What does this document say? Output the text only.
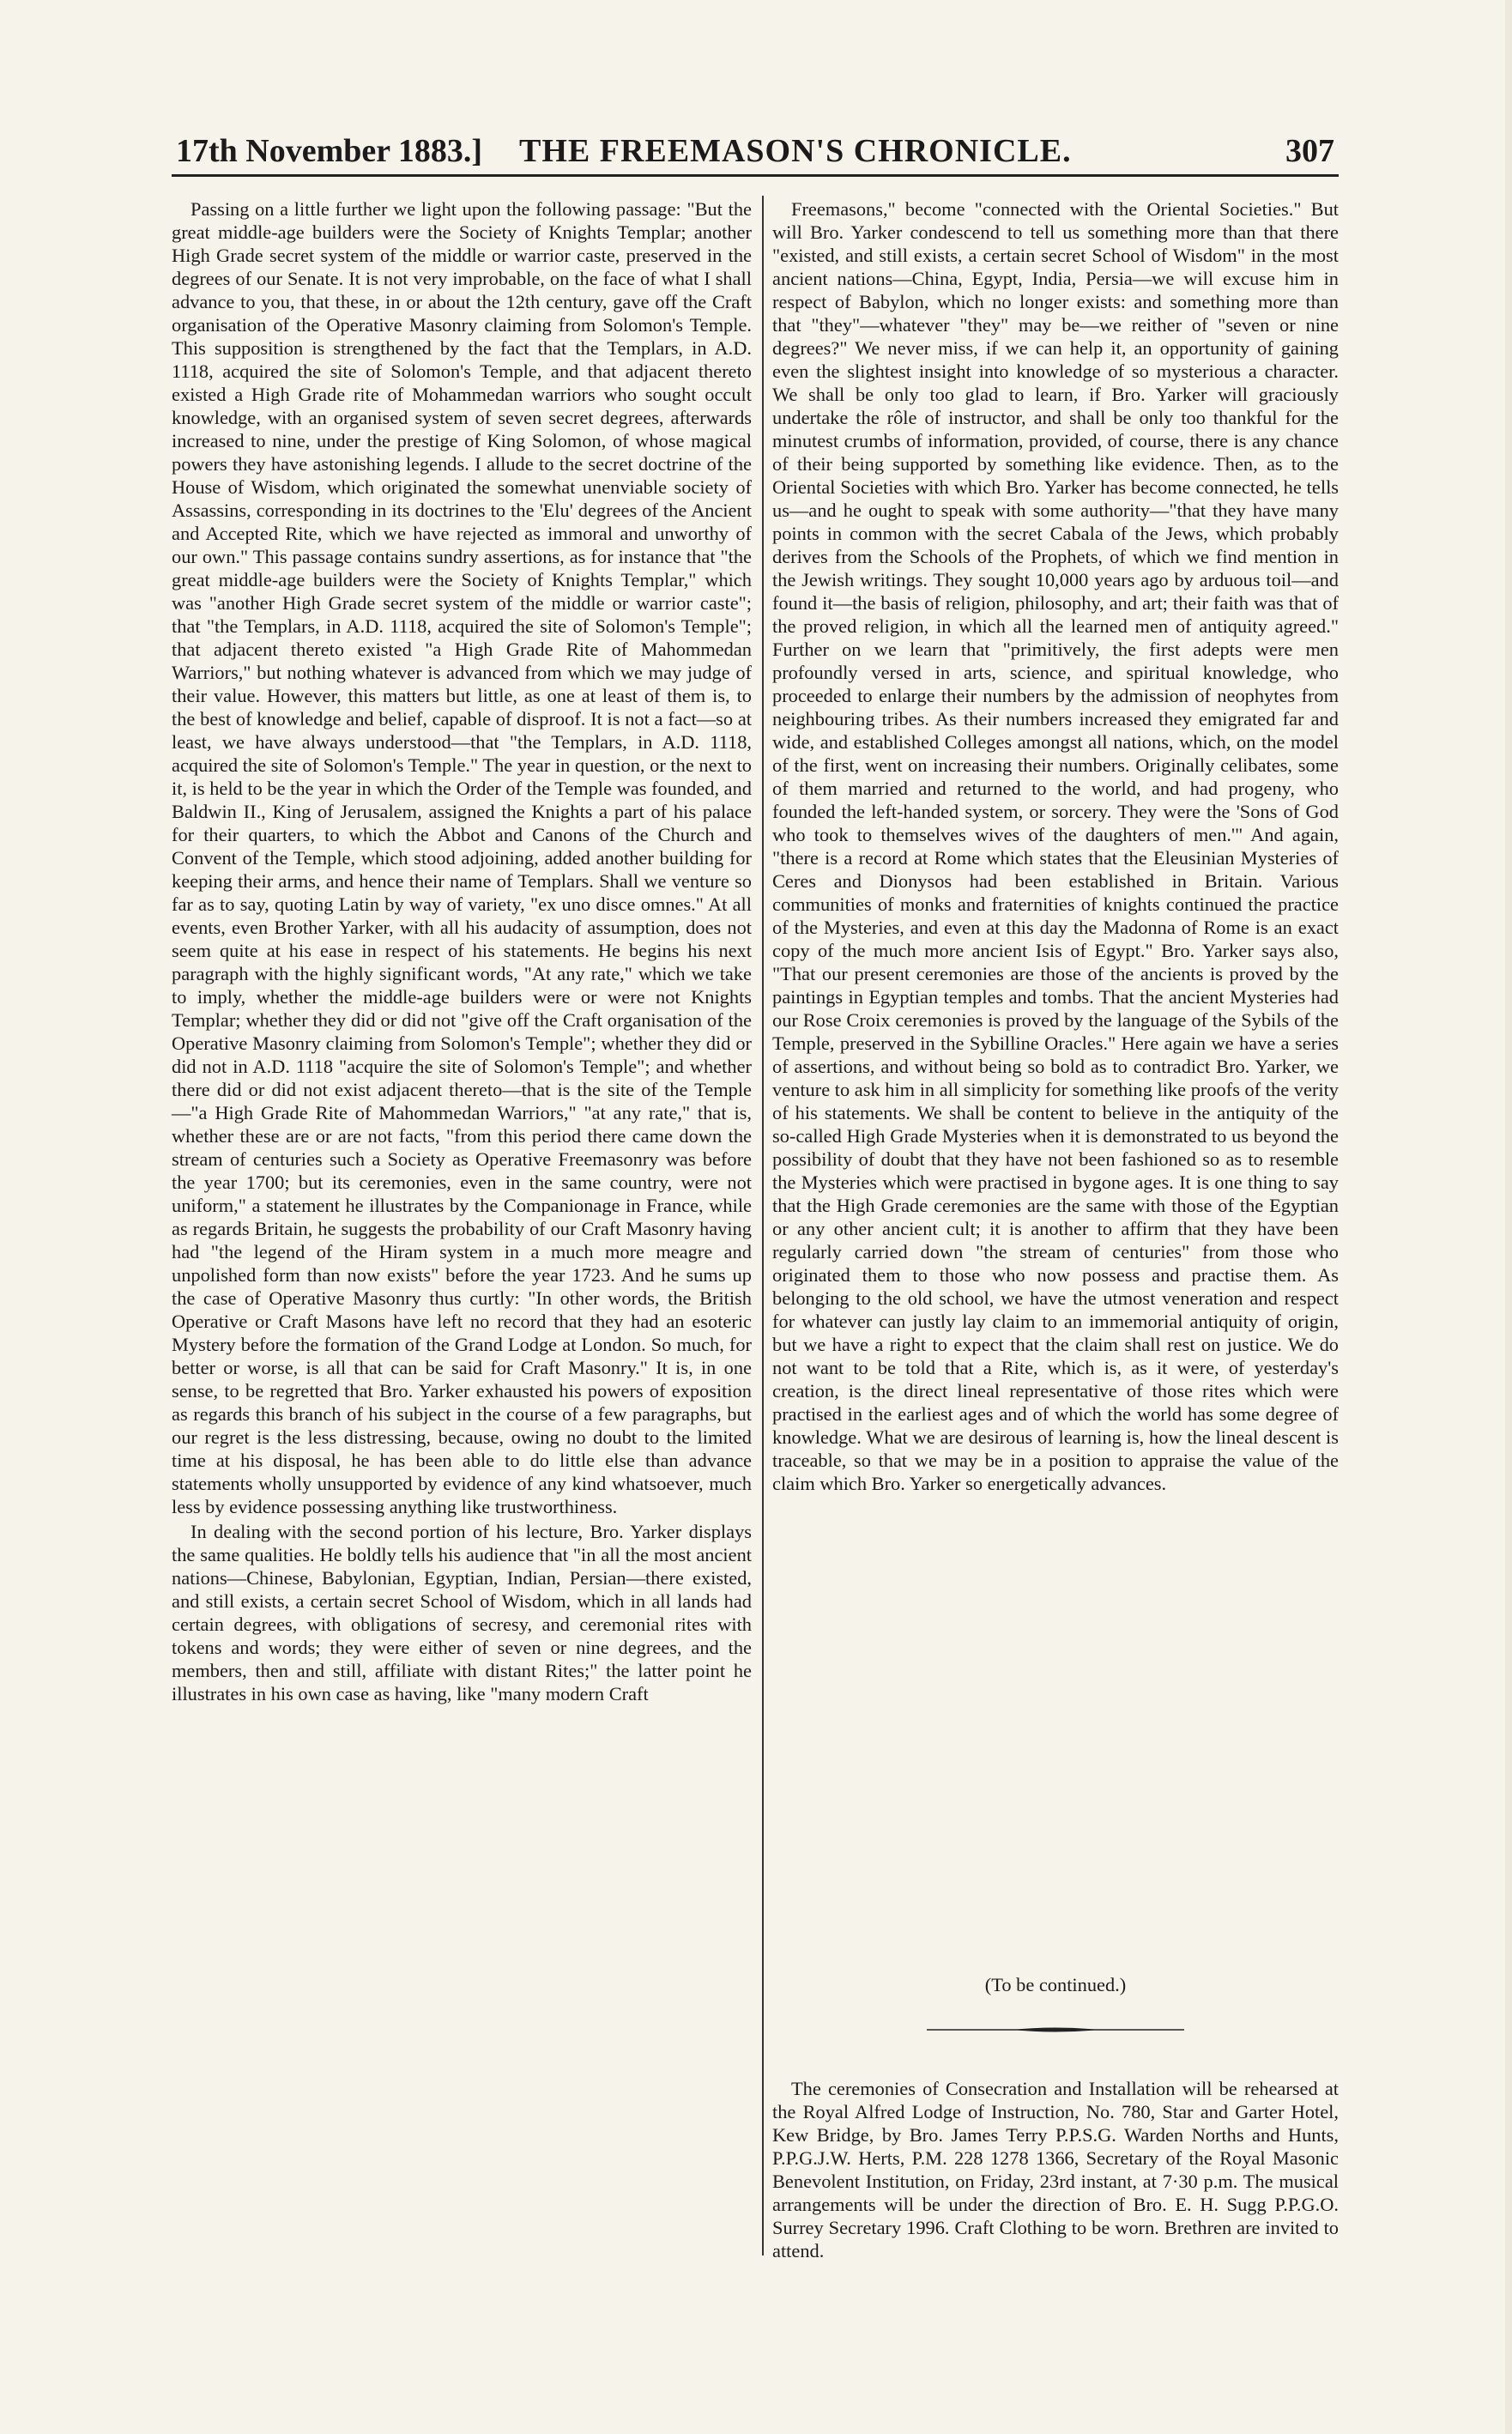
17th November 1883.] THE FREEMASON'S CHRONICLE.	307

Passing on a little further we light upon the following passage: "But the great middle-age builders were the Society of Knights Templar; another High Grade secret system of the middle or warrior caste, preserved in the degrees of our Senate. It is not very improbable, on the face of what I shall advance to you, that these, in or about the 12th century, gave off the Craft organisation of the Operative Masonry claiming from Solomon's Temple. This supposition is strengthened by the fact that the Templars, in A.D. 1118, acquired the site of Solomon's Temple, and that adjacent thereto existed a High Grade rite of Mohammedan warriors who sought occult knowledge, with an organised system of seven secret degrees, afterwards increased to nine, under the prestige of King Solomon, of whose magical powers they have astonishing legends. I allude to the secret doctrine of the House of Wisdom, which originated the somewhat unenviable society of Assassins, corresponding in its doctrines to the 'Elu' degrees of the Ancient and Accepted Rite, which we have rejected as immoral and unworthy of our own." This passage contains sundry assertions, as for instance that "the great middle-age builders were the Society of Knights Templar," which was "another High Grade secret system of the middle or warrior caste"; that "the Templars, in A.D. 1118, acquired the site of Solomon's Temple"; that adjacent thereto existed "a High Grade Rite of Mahommedan Warriors," but nothing whatever is advanced from which we may judge of their value. However, this matters but little, as one at least of them is, to the best of knowledge and belief, capable of disproof. It is not a fact—so at least, we have always understood—that "the Templars, in A.D. 1118, acquired the site of Solomon's Temple." The year in question, or the next to it, is held to be the year in which the Order of the Temple was founded, and Baldwin II., King of Jerusalem, assigned the Knights a part of his palace for their quarters, to which the Abbot and Canons of the Church and Convent of the Temple, which stood adjoining, added another building for keeping their arms, and hence their name of Templars. Shall we venture so far as to say, quoting Latin by way of variety, "ex uno disce omnes." At all events, even Brother Yarker, with all his audacity of assumption, does not seem quite at his ease in respect of his statements. He begins his next paragraph with the highly significant words, "At any rate," which we take to imply, whether the middle-age builders were or were not Knights Templar; whether they did or did not "give off the Craft organisation of the Operative Masonry claiming from Solomon's Temple"; whether they did or did not in A.D. 1118 "acquire the site of Solomon's Temple"; and whether there did or did not exist adjacent thereto—that is the site of the Temple—"a High Grade Rite of Mahommedan Warriors," "at any rate," that is, whether these are or are not facts, "from this period there came down the stream of centuries such a Society as Operative Freemasonry was before the year 1700; but its ceremonies, even in the same country, were not uniform," a statement he illustrates by the Companionage in France, while as regards Britain, he suggests the probability of our Craft Masonry having had "the legend of the Hiram system in a much more meagre and unpolished form than now exists" before the year 1723. And he sums up the case of Operative Masonry thus curtly: "In other words, the British Operative or Craft Masons have left no record that they had an esoteric Mystery before the formation of the Grand Lodge at London. So much, for better or worse, is all that can be said for Craft Masonry." It is, in one sense, to be regretted that Bro. Yarker exhausted his powers of exposition as regards this branch of his subject in the course of a few paragraphs, but our regret is the less distressing, because, owing no doubt to the limited time at his disposal, he has been able to do little else than advance statements wholly unsupported by evidence of any kind whatsoever, much less by evidence possessing anything like trustworthiness.

In dealing with the second portion of his lecture, Bro. Yarker displays the same qualities. He boldly tells his audience that "in all the most ancient nations—Chinese, Babylonian, Egyptian, Indian, Persian—there existed, and still exists, a certain secret School of Wisdom, which in all lands had certain degrees, with obligations of secresy, and ceremonial rites with tokens and words; they were either of seven or nine degrees, and the members, then and still, affiliate with distant Rites;" the latter point he illustrates in his own case as having, like "many modern Craft

Freemasons," become "connected with the Oriental Societies." But will Bro. Yarker condescend to tell us something more than that there "existed, and still exists, a certain secret School of Wisdom" in the most ancient nations—China, Egypt, India, Persia—we will excuse him in respect of Babylon, which no longer exists: and something more than that "they"—whatever "they" may be—we reither of "seven or nine degrees?" We never miss, if we can help it, an opportunity of gaining even the slightest insight into knowledge of so mysterious a character. We shall be only too glad to learn, if Bro. Yarker will graciously undertake the rôle of instructor, and shall be only too thankful for the minutest crumbs of information, provided, of course, there is any chance of their being supported by something like evidence. Then, as to the Oriental Societies with which Bro. Yarker has become connected, he tells us—and he ought to speak with some authority—"that they have many points in common with the secret Cabala of the Jews, which probably derives from the Schools of the Prophets, of which we find mention in the Jewish writings. They sought 10,000 years ago by arduous toil—and found it—the basis of religion, philosophy, and art; their faith was that of the proved religion, in which all the learned men of antiquity agreed." Further on we learn that "primitively, the first adepts were men profoundly versed in arts, science, and spiritual knowledge, who proceeded to enlarge their numbers by the admission of neophytes from neighbouring tribes. As their numbers increased they emigrated far and wide, and established Colleges amongst all nations, which, on the model of the first, went on increasing their numbers. Originally celibates, some of them married and returned to the world, and had progeny, who founded the left-handed system, or sorcery. They were the 'Sons of God who took to themselves wives of the daughters of men.'" And again, "there is a record at Rome which states that the Eleusinian Mysteries of Ceres and Dionysos had been established in Britain. Various communities of monks and fraternities of knights continued the practice of the Mysteries, and even at this day the Madonna of Rome is an exact copy of the much more ancient Isis of Egypt." Bro. Yarker says also, "That our present ceremonies are those of the ancients is proved by the paintings in Egyptian temples and tombs. That the ancient Mysteries had our Rose Croix ceremonies is proved by the language of the Sybils of the Temple, preserved in the Sybilline Oracles." Here again we have a series of assertions, and without being so bold as to contradict Bro. Yarker, we venture to ask him in all simplicity for something like proofs of the verity of his statements. We shall be content to believe in the antiquity of the so-called High Grade Mysteries when it is demonstrated to us beyond the possibility of doubt that they have not been fashioned so as to resemble the Mysteries which were practised in bygone ages. It is one thing to say that the High Grade ceremonies are the same with those of the Egyptian or any other ancient cult; it is another to affirm that they have been regularly carried down "the stream of centuries" from those who originated them to those who now possess and practise them. As belonging to the old school, we have the utmost veneration and respect for whatever can justly lay claim to an immemorial antiquity of origin, but we have a right to expect that the claim shall rest on justice. We do not want to be told that a Rite, which is, as it were, of yesterday's creation, is the direct lineal representative of those rites which were practised in the earliest ages and of which the world has some degree of knowledge. What we are desirous of learning is, how the lineal descent is traceable, so that we may be in a position to appraise the value of the claim which Bro. Yarker so energetically advances.

(To be continued.)

The ceremonies of Consecration and Installation will be rehearsed at the Royal Alfred Lodge of Instruction, No. 780, Star and Garter Hotel, Kew Bridge, by Bro. James Terry P.P.S.G. Warden Norths and Hunts, P.P.G.J.W. Herts, P.M. 228 1278 1366, Secretary of the Royal Masonic Benevolent Institution, on Friday, 23rd instant, at 7·30 p.m. The musical arrangements will be under the direction of Bro. E. H. Sugg P.P.G.O. Surrey Secretary 1996. Craft Clothing to be worn. Brethren are invited to attend.
